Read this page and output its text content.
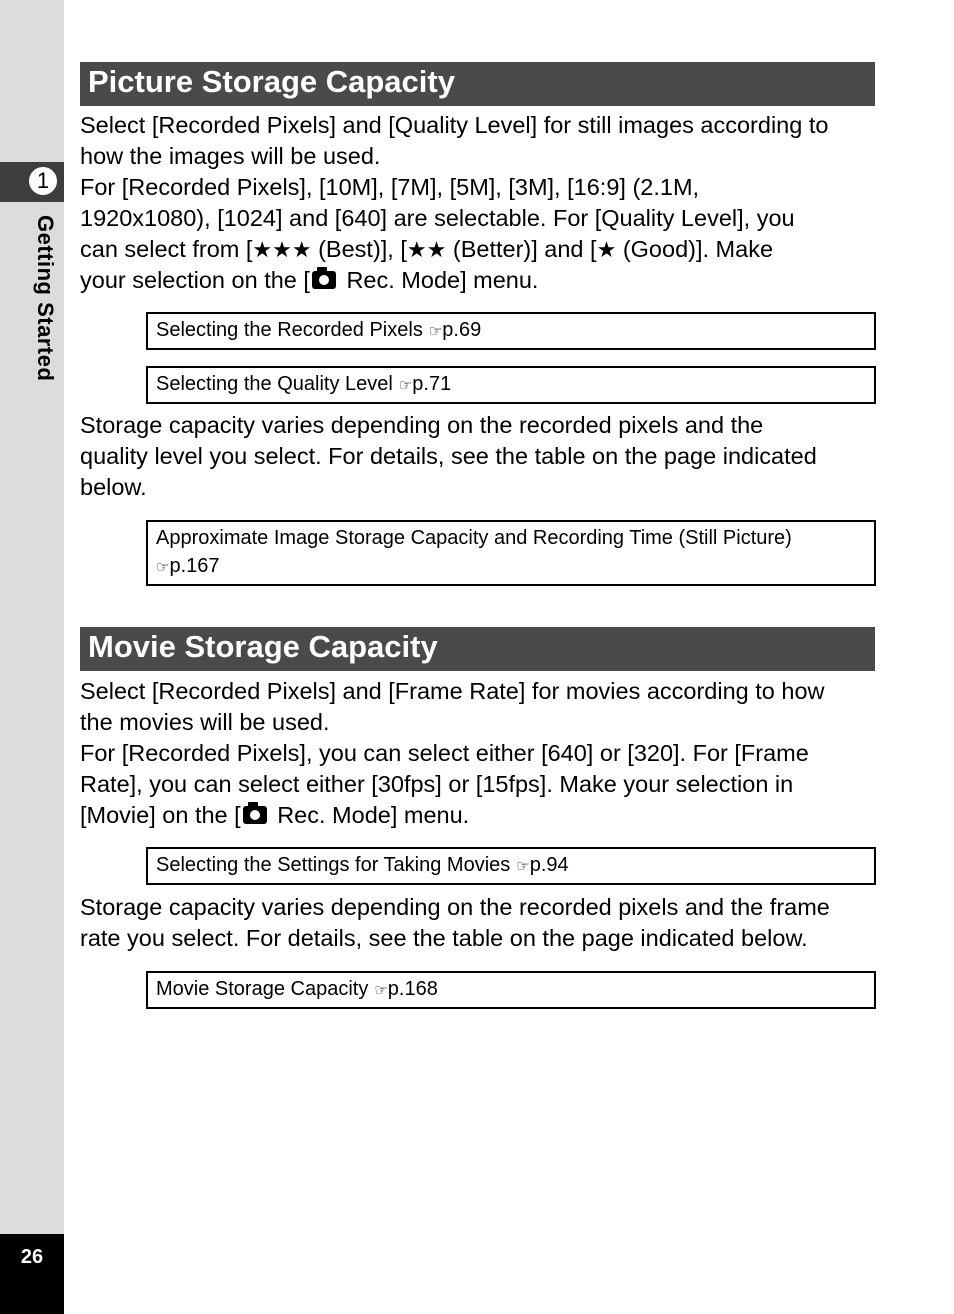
1
Getting Started
26
Picture Storage Capacity
Select [Recorded Pixels] and [Quality Level] for still images according to
how the images will be used.
For [Recorded Pixels], [10M], [7M], [5M], [3M], [16:9] (2.1M,
1920x1080), [1024] and [640] are selectable. For [Quality Level], you
can select from [★★★ (Best)], [★★ (Better)] and [★ (Good)]. Make
your selection on the [ Rec. Mode] menu.
Selecting the Recorded Pixels ☞p.69
Selecting the Quality Level ☞p.71
Storage capacity varies depending on the recorded pixels and the
quality level you select. For details, see the table on the page indicated
below.
Approximate Image Storage Capacity and Recording Time (Still Picture)
☞p.167
Movie Storage Capacity
Select [Recorded Pixels] and [Frame Rate] for movies according to how
the movies will be used.
For [Recorded Pixels], you can select either [640] or [320]. For [Frame
Rate], you can select either [30fps] or [15fps]. Make your selection in
[Movie] on the [ Rec. Mode] menu.
Selecting the Settings for Taking Movies ☞p.94
Storage capacity varies depending on the recorded pixels and the frame
rate you select. For details, see the table on the page indicated below.
Movie Storage Capacity ☞p.168
